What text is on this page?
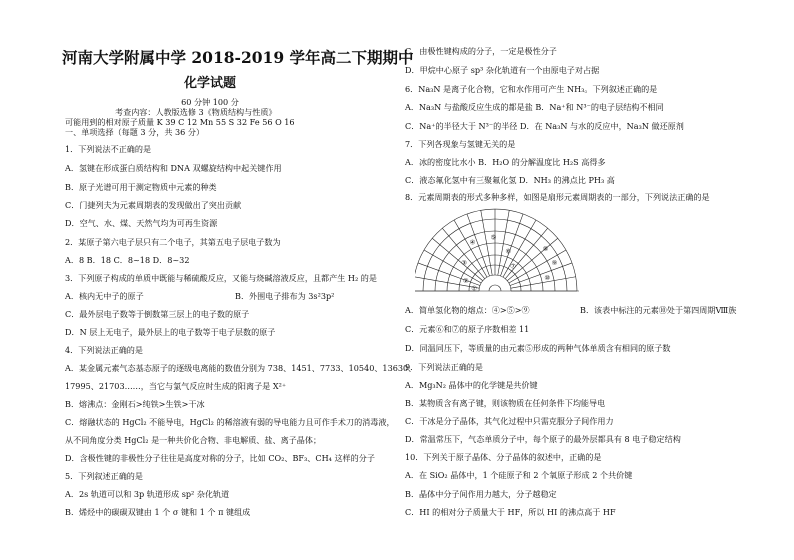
河南大学附属中学 2018-2019 学年高二下期期中
化学试题
60 分钟 100 分
考查内容：人教版选修 3《物质结构与性质》
可能用到的相对原子质量 K 39 C 12 Mn 55 S 32 Fe 56 O 16
一、单项选择（每题 3 分，共 36 分）
1．下列说法不正确的是
A．氢键在形成蛋白质结构和 DNA 双螺旋结构中起关键作用
B．原子光谱可用于测定物质中元素的种类
C．门捷列夫为元素周期表的发现做出了突出贡献
D．空气、水、煤、天然气均为可再生资源
2．某原子第六电子层只有二个电子，其第五电子层电子数为
A．8 B．18 C．8~18 D．8~32
3．下列原子构成的单质中既能与稀硫酸反应，又能与烧碱溶液反应，且都产生 H₂ 的是
A．核内无中子的原子	B．外围电子排布为 3s²3p²
C．最外层电子数等于倒数第三层上的电子数的原子
D．N 层上无电子，最外层上的电子数等于电子层数的原子
4．下列说法正确的是
A．某金属元素气态基态原子的逐级电离能的数值分别为 738、1451、7733、10540、13630、
17995、21703……，当它与氯气反应时生成的阳离子是 X²⁺
B．熔沸点：金刚石>纯铁>生铁>干冰
C．熔融状态的 HgCl₂ 不能导电，HgCl₂ 的稀溶液有弱的导电能力且可作手术刀的消毒液，
从不同角度分类 HgCl₂ 是一种共价化合物、非电解质、盐、离子晶体；
D．含极性键的非极性分子往往是高度对称的分子，比如 CO₂、BF₃、CH₄ 这样的分子
5．下列叙述正确的是
A．2s 轨道可以和 3p 轨道形成 sp² 杂化轨道
B．烯烃中的碳碳双键由 1 个 σ 键和 1 个 π 键组成
C．由极性键构成的分子，一定是极性分子
D．甲烷中心原子 sp³ 杂化轨道有一个由原电子对占据
6．Na₃N 是离子化合物，它和水作用可产生 NH₃。下列叙述正确的是
A．Na₃N 与盐酸反应生成的都是盐 B．Na⁺和 N³⁻的电子层结构不相同
C．Na⁺的半径大于 N³⁻的半径 D．在 Na₃N 与水的反应中，Na₃N 做还原剂
7．下列各现象与氢键无关的是
A．冰的密度比水小 B．H₂O 的分解温度比 H₂S 高得多
C．液态氟化氢中有三聚氟化氢 D．NH₃ 的沸点比 PH₃ 高
8．元素周期表的形式多种多样，如图是扇形元素周期表的一部分，下列说法正确的是
①
②
③
④
⑤
⑥
⑦
⑧
⑨
⑩
A．简单氢化物的熔点：④>⑤>⑨	B．该表中标注的元素⑩处于第四周期Ⅷ族
C．元素⑥和⑦的原子序数相差 11
D．同温同压下，等质量的由元素⑤形成的两种气体单质含有相同的原子数
9．下列说法正确的是
A．Mg₃N₂ 晶体中的化学键是共价键
B．某物质含有离子键，则该物质在任何条件下均能导电
C．干冰是分子晶体，其气化过程中只需克服分子间作用力
D．常温常压下，气态单质分子中，每个原子的最外层都具有 8 电子稳定结构
10．下列关于原子晶体、分子晶体的叙述中，正确的是
A．在 SiO₂ 晶体中，1 个硅原子和 2 个氧原子形成 2 个共价键
B．晶体中分子间作用力越大，分子越稳定
C．HI 的相对分子质量大于 HF，所以 HI 的沸点高于 HF
